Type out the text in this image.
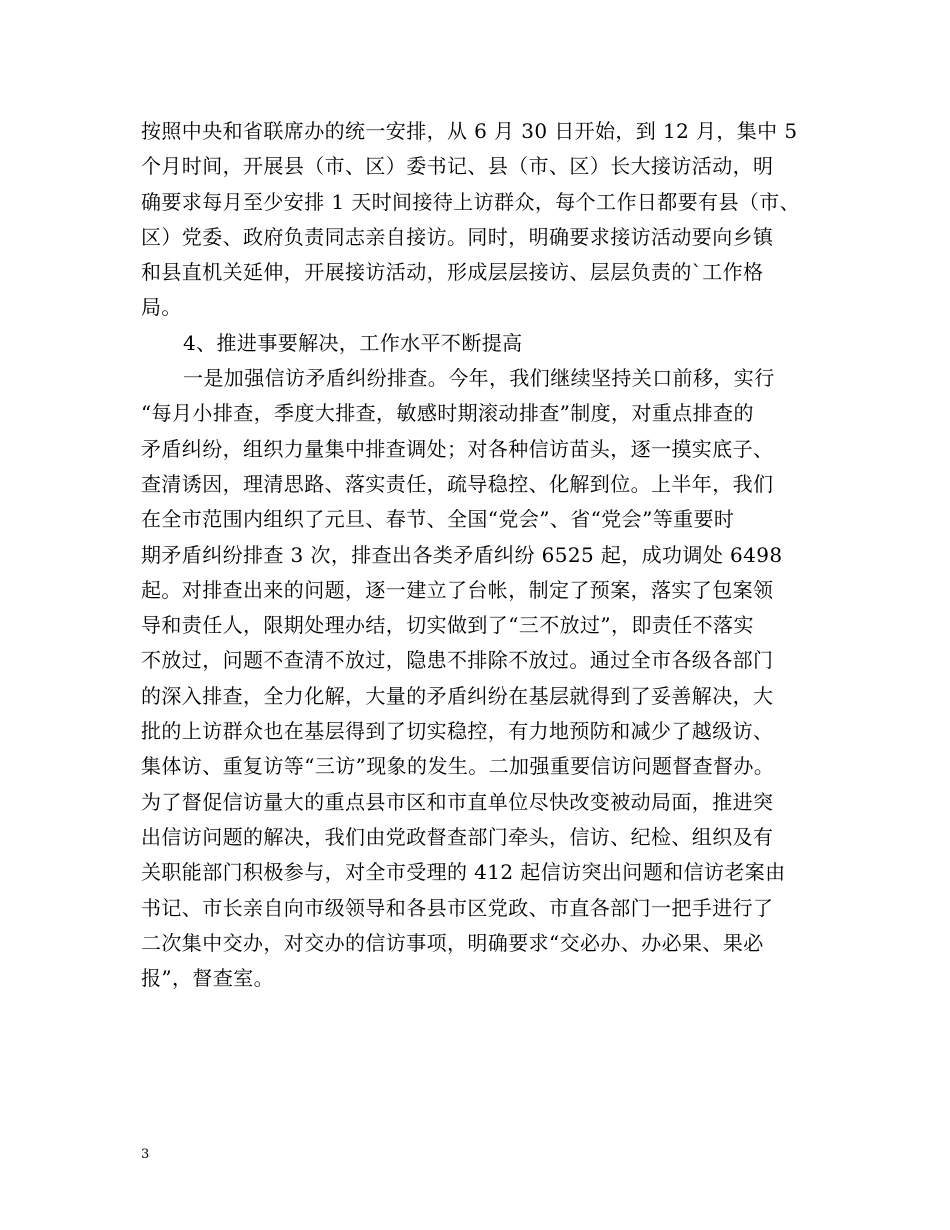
按照中央和省联席办的统一安排，从 6 月 30 日开始，到 12 月，集中 5
个月时间，开展县（市、区）委书记、县（市、区）长大接访活动，明
确要求每月至少安排 1 天时间接待上访群众，每个工作日都要有县（市、
区）党委、政府负责同志亲自接访。同时，明确要求接访活动要向乡镇
和县直机关延伸，开展接访活动，形成层层接访、层层负责的`工作格
局。
4、推进事要解决，工作水平不断提高
一是加强信访矛盾纠纷排查。今年，我们继续坚持关口前移，实行
“每月小排查，季度大排查，敏感时期滚动排查”制度，对重点排查的
矛盾纠纷，组织力量集中排查调处；对各种信访苗头，逐一摸实底子、
查清诱因，理清思路、落实责任，疏导稳控、化解到位。上半年，我们
在全市范围内组织了元旦、春节、全国“党会”、省“党会”等重要时
期矛盾纠纷排查 3 次，排查出各类矛盾纠纷 6525 起，成功调处 6498
起。对排查出来的问题，逐一建立了台帐，制定了预案，落实了包案领
导和责任人，限期处理办结，切实做到了“三不放过”，即责任不落实
不放过，问题不查清不放过，隐患不排除不放过。通过全市各级各部门
的深入排查，全力化解，大量的矛盾纠纷在基层就得到了妥善解决，大
批的上访群众也在基层得到了切实稳控，有力地预防和减少了越级访、
集体访、重复访等“三访”现象的发生。二加强重要信访问题督查督办。
为了督促信访量大的重点县市区和市直单位尽快改变被动局面，推进突
出信访问题的解决，我们由党政督查部门牵头，信访、纪检、组织及有
关职能部门积极参与，对全市受理的 412 起信访突出问题和信访老案由
书记、市长亲自向市级领导和各县市区党政、市直各部门一把手进行了
二次集中交办，对交办的信访事项，明确要求“交必办、办必果、果必
报”，督查室。
3
